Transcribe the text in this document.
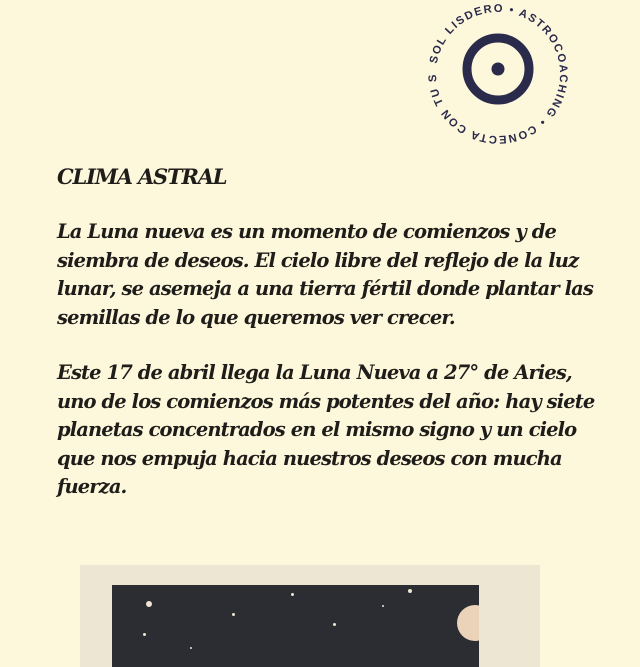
SOL LISDERO • ASTROCOACHING • CONECTA CON TU S
CLIMA ASTRAL

La Luna nueva es un momento de comienzos y de siembra de deseos. El cielo libre del reflejo de la luz lunar, se asemeja a una tierra fértil donde plantar las semillas de lo que queremos ver crecer.

Este 17 de abril llega la Luna Nueva a 27° de Aries, uno de los comienzos más potentes del año: hay siete planetas concentrados en el mismo signo y un cielo que nos empuja hacia nuestros deseos con mucha fuerza.
